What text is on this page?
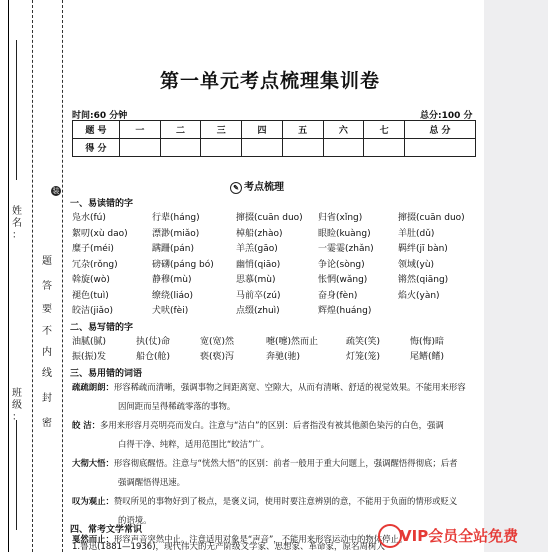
姓
名
：
班
级
：
装
题
答
要
不
内
线
封
密
第一单元考点梳理集训卷
时间:60 分钟	总分:100 分
题 号	一	二	三	四	五	六	七	总 分
得 分								
✎ 考点梳理
一、易读错的字
凫水(fú)	行辈(háng)	撺掇(cuān duo) 归省(xǐng)	撺掇(cuān duo)
絮叨(xù dao)	漂渺(miǎo)	棹船(zhào)	眼睑(kuàng)	羊肚(dǔ)
糜子(méi)	蹒跚(pán)	羊羔(gāo)	一霎霎(zhǎn)	羁绊(jī bàn)
冗杂(rǒng)	磅礴(páng bó) 幽悄(qiāo)	争论(sòng)	领域(yù)
斡旋(wò)	静穆(mù)	思慕(mù)	怅惘(wǎng)	锵然(qiāng)
褪色(tuì)	缭绕(liáo)	马前卒(zú)	奋身(fèn)	焰火(yàn)
皎洁(jiǎo)	犬吠(fèi)	点缀(zhuì)	辉煌(huáng)
二、易写错的字
油腻(腻)	执(仗)命	宽(宽)然	嚏(嚏)然而止	疏笑(笑)	悔(悔)暗
振(振)发	船仓(舱)	亵(亵)泻	奔驰(驰)	灯笼(笼)	尾鳍(鳍)
三、易用错的词语
疏疏朗朗：形容稀疏而清晰，强调事物之间距离宽、空隙大，从而有清晰、舒适的视觉效果。不能用来形容
因间距而呈得稀疏零落的事物。
皎 洁：多用来形容月亮明亮而发白。注意与“洁白”的区别：后者指没有被其他颜色染污的白色，强调
白得干净、纯粹，适用范围比“皎洁”广。
大彻大悟：形容彻底醒悟。注意与“恍然大悟”的区别：前者一般用于重大问题上，强调醒悟得彻底；后者
强调醒悟得迅速。
叹为观止：赞叹所见的事物好到了极点，是褒义词，使用时要注意辨别的意，不能用于负面的情形或贬义
的语境。
戛然而止：形容声音突然中止。注意适用对象是“声音”，不能用来形容运动中的物体停止。
四、常考文学常识
1.鲁迅(1881—1936)，现代伟大的无产阶级文学家、思想家、革命家，原名周树人
VIP会员全站免费
